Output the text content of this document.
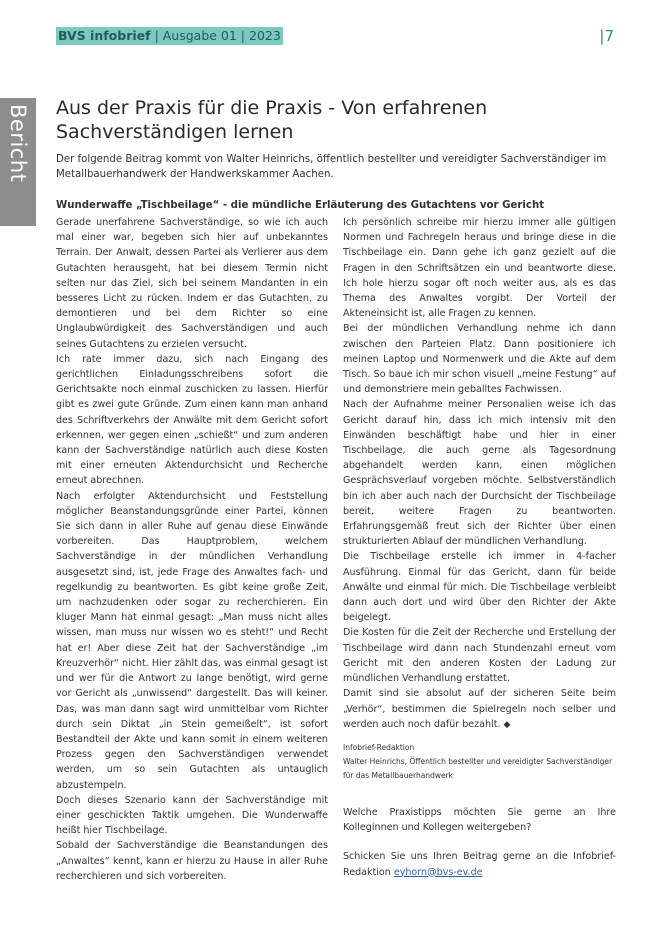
BVS infobrief | Ausgabe 01 | 2023	|7
Bericht Aus der Praxis für die Praxis - Von erfahrenen Sachverständigen lernen

Der folgende Beitrag kommt von Walter Heinrichs, öffentlich bestellter und vereidigter Sachverständiger im Metallbauerhandwerk der Handwerkskammer Aachen.

Wunderwaffe „Tischbeilage“ - die mündliche Erläuterung des Gutachtens vor Gericht

Gerade unerfahrene Sachverständige, so wie ich auch mal einer war, begeben sich hier auf unbekanntes Terrain. Der Anwalt, dessen Partei als Verlierer aus dem Gutachten herausgeht, hat bei diesem Termin nicht selten nur das Ziel, sich bei seinem Mandanten in ein besseres Licht zu rücken. Indem er das Gutachten, zu demontieren und bei dem Richter so eine Unglaubwürdigkeit des Sachverständigen und auch seines Gutachtens zu erzielen versucht.

Ich rate immer dazu, sich nach Eingang des gerichtlichen Einladungsschreibens sofort die Gerichtsakte noch einmal zuschicken zu lassen. Hierfür gibt es zwei gute Gründe. Zum einen kann man anhand des Schriftverkehrs der Anwälte mit dem Gericht sofort erkennen, wer gegen einen „schießt“ und zum anderen kann der Sachverständige natürlich auch diese Kosten mit einer erneuten Aktendurchsicht und Recherche erneut abrechnen.

Nach erfolgter Aktendurchsicht und Feststellung möglicher Beanstandungsgründe einer Partei, können Sie sich dann in aller Ruhe auf genau diese Einwände vorbereiten. Das Hauptproblem, welchem Sachverständige in der mündlichen Verhandlung ausgesetzt sind, ist, jede Frage des Anwaltes fach- und regelkundig zu beantworten. Es gibt keine große Zeit, um nachzudenken oder sogar zu recherchieren. Ein kluger Mann hat einmal gesagt: „Man muss nicht alles wissen, man muss nur wissen wo es steht!“ und Recht hat er! Aber diese Zeit hat der Sachverständige „im Kreuzverhör“ nicht. Hier zählt das, was einmal gesagt ist und wer für die Antwort zu lange benötigt, wird gerne vor Gericht als „unwissend“ dargestellt. Das will keiner. Das, was man dann sagt wird unmittelbar vom Richter durch sein Diktat „in Stein gemeißelt“, ist sofort Bestandteil der Akte und kann somit in einem weiteren Prozess gegen den Sachverständigen verwendet werden, um so sein Gutachten als untauglich abzustempeln.

Doch dieses Szenario kann der Sachverständige mit einer geschickten Taktik umgehen. Die Wunderwaffe heißt hier Tischbeilage.

Sobald der Sachverständige die Beanstandungen des „Anwaltes“ kennt, kann er hierzu zu Hause in aller Ruhe recherchieren und sich vorbereiten.

Ich persönlich schreibe mir hierzu immer alle gültigen Normen und Fachregeln heraus und bringe diese in die Tischbeilage ein. Dann gehe ich ganz gezielt auf die Fragen in den Schriftsätzen ein und beantworte diese. Ich hole hierzu sogar oft noch weiter aus, als es das Thema des Anwaltes vorgibt. Der Vorteil der Akteneinsicht ist, alle Fragen zu kennen.

Bei der mündlichen Verhandlung nehme ich dann zwischen den Parteien Platz. Dann positioniere ich meinen Laptop und Normenwerk und die Akte auf dem Tisch. So baue ich mir schon visuell „meine Festung“ auf und demonstriere mein geballtes Fachwissen.

Nach der Aufnahme meiner Personalien weise ich das Gericht darauf hin, dass ich mich intensiv mit den Einwänden beschäftigt habe und hier in einer Tischbeilage, die auch gerne als Tagesordnung abgehandelt werden kann, einen möglichen Gesprächsverlauf vorgeben möchte. Selbstverständlich bin ich aber auch nach der Durchsicht der Tischbeilage bereit, weitere Fragen zu beantworten. Erfahrungsgemäß freut sich der Richter über einen strukturierten Ablauf der mündlichen Verhandlung.

Die Tischbeilage erstelle ich immer in 4-facher Ausführung. Einmal für das Gericht, dann für beide Anwälte und einmal für mich. Die Tischbeilage verbleibt dann auch dort und wird über den Richter der Akte beigelegt.

Die Kosten für die Zeit der Recherche und Erstellung der Tischbeilage wird dann nach Stundenzahl erneut vom Gericht mit den anderen Kosten der Ladung zur mündlichen Verhandlung erstattet.

Damit sind sie absolut auf der sicheren Seite beim „Verhör“, bestimmen die Spielregeln noch selber und werden auch noch dafür bezahlt. ◆

Infobrief-Redaktion

Walter Heinrichs, Öffentlich bestellter und vereidigter Sachverständiger für das Metallbauerhandwerk

Welche Praxistipps möchten Sie gerne an Ihre Kolleginnen und Kollegen weitergeben?

Schicken Sie uns Ihren Beitrag gerne an die Infobrief-Redaktion eyhorn@bvs-ev.de
